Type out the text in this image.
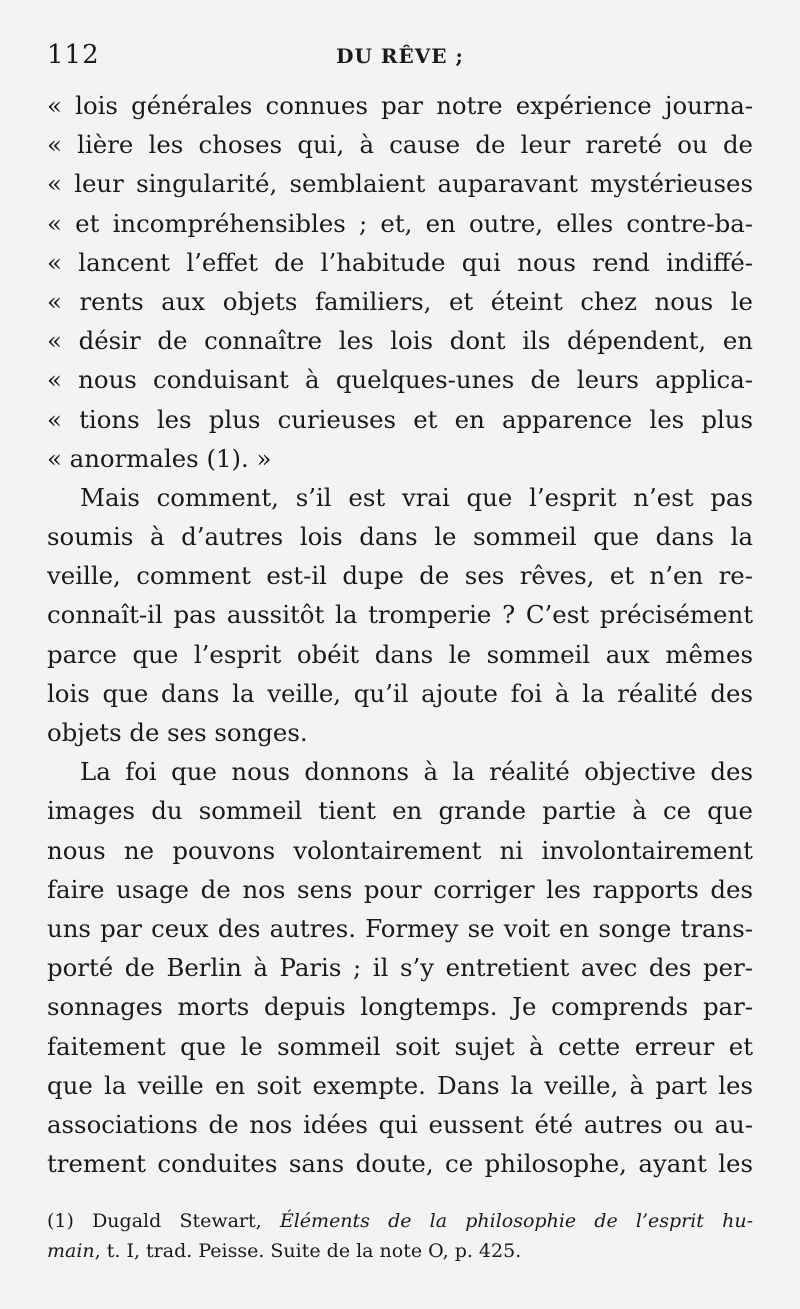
112	DU RÊVE ;
« lois générales connues par notre expérience journa-
« lière les choses qui, à cause de leur rareté ou de
« leur singularité, semblaient auparavant mystérieuses
« et incompréhensibles ; et, en outre, elles contre-ba-
« lancent l’effet de l’habitude qui nous rend indiffé-
« rents aux objets familiers, et éteint chez nous le
« désir de connaître les lois dont ils dépendent, en
« nous conduisant à quelques-unes de leurs applica-
« tions les plus curieuses et en apparence les plus
« anormales (1). »
Mais comment, s’il est vrai que l’esprit n’est pas
soumis à d’autres lois dans le sommeil que dans la
veille, comment est-il dupe de ses rêves, et n’en re-
connaît-il pas aussitôt la tromperie ? C’est précisément
parce que l’esprit obéit dans le sommeil aux mêmes
lois que dans la veille, qu’il ajoute foi à la réalité des
objets de ses songes.
La foi que nous donnons à la réalité objective des
images du sommeil tient en grande partie à ce que
nous ne pouvons volontairement ni involontairement
faire usage de nos sens pour corriger les rapports des
uns par ceux des autres. Formey se voit en songe trans-
porté de Berlin à Paris ; il s’y entretient avec des per-
sonnages morts depuis longtemps. Je comprends par-
faitement que le sommeil soit sujet à cette erreur et
que la veille en soit exempte. Dans la veille, à part les
associations de nos idées qui eussent été autres ou au-
trement conduites sans doute, ce philosophe, ayant les
(1) Dugald Stewart, Éléments de la philosophie de l’esprit hu-
main, t. I, trad. Peisse. Suite de la note O, p. 425.
